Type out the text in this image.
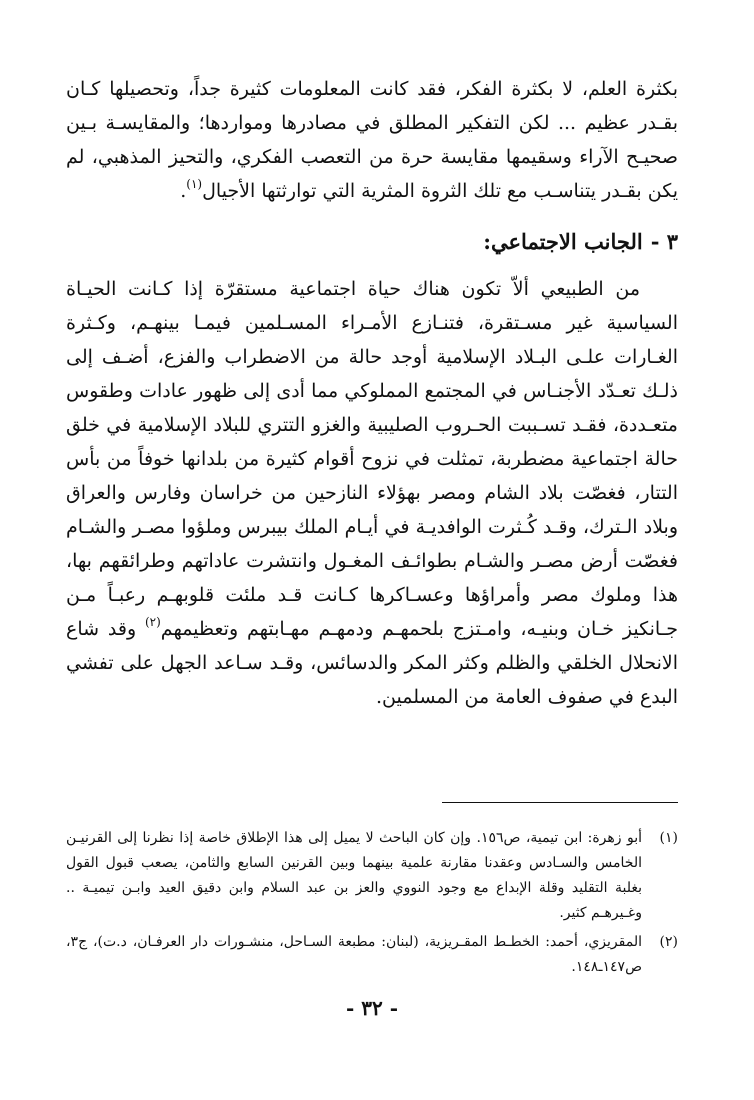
بكثرة العلم، لا بكثرة الفكر، فقد كانت المعلومات كثيرة جداً، وتحصيلها كـان بقـدر عظيم ... لكن التفكير المطلق في مصادرها ومواردها؛ والمقايسـة بـين صحيـح الآراء وسقيمها مقايسة حرة من التعصب الفكري، والتحيز المذهبي، لم يكن بقـدر يتناسـب مع تلك الثروة المثرية التي توارثتها الأجيال$^{(١)}$.

٣ -الجانب الاجتماعي:

من الطبيعي ألاّ تكون هناك حياة اجتماعية مستقرّة إذا كـانت الحيـاة السياسية غير مسـتقرة، فتنـازع الأمـراء المسـلمين فيمـا بينهـم، وكـثرة الغـارات علـى البـلاد الإسلامية أوجد حالة من الاضطراب والفزع، أضـف إلى ذلـك تعـدّد الأجنـاس في المجتمع المملوكي مما أدى إلى ظهور عادات وطقوس متعـددة، فقـد تسـببت الحـروب الصليبية والغزو التتري للبلاد الإسلامية في خلق حالة اجتماعية مضطربة، تمثلت في نزوح أقوام كثيرة من بلدانها خوفاً من بأس التتار، فغصّت بلاد الشام ومصر بهؤلاء النازحين من خراسان وفارس والعراق وبلاد الـترك، وقـد كُـثرت الوافديـة في أيـام الملك بيبرس وملؤوا مصـر والشـام فغصّت أرض مصـر والشـام بطوائـف المغـول وانتشرت عاداتهم وطرائقهم بها، هذا وملوك مصر وأمراؤها وعسـاكرها كـانت قـد ملئت قلوبهـم رعبـاً مـن جـانكيز خـان وبنيـه، وامـتزج بلحمهـم ودمهـم مهـابتهم وتعظيمهم$^{(٢)}$ وقد شاع الانحلال الخلقي والظلم وكثر المكر والدسائس، وقـد سـاعد الجهل على تفشي البدع في صفوف العامة من المسلمين.

(١)
أبو زهرة: ابن تيمية، ص١٥٦. وإن كان الباحث لا يميل إلى هذا الإطلاق خاصة إذا نظرنا إلى القرنيـن الخامس والسـادس وعقدنا مقارنة علمية بينهما وبين القرنين السابع والثامن، يصعب قبول القول بغلبة التقليد وقلة الإبداع مع وجود النووي والعز بن عبد السلام وابن دقيق العيد وابـن تيميـة .. وغـيرهـم كثير.
(٢)
المقريزي، أحمد: الخطـط المقـريزية، (لبنان: مطبعة السـاحل، منشـورات دار العرفـان، د.ت)، ج٣، ص١٤٧ـ١٤٨.
- ٣٢ -
